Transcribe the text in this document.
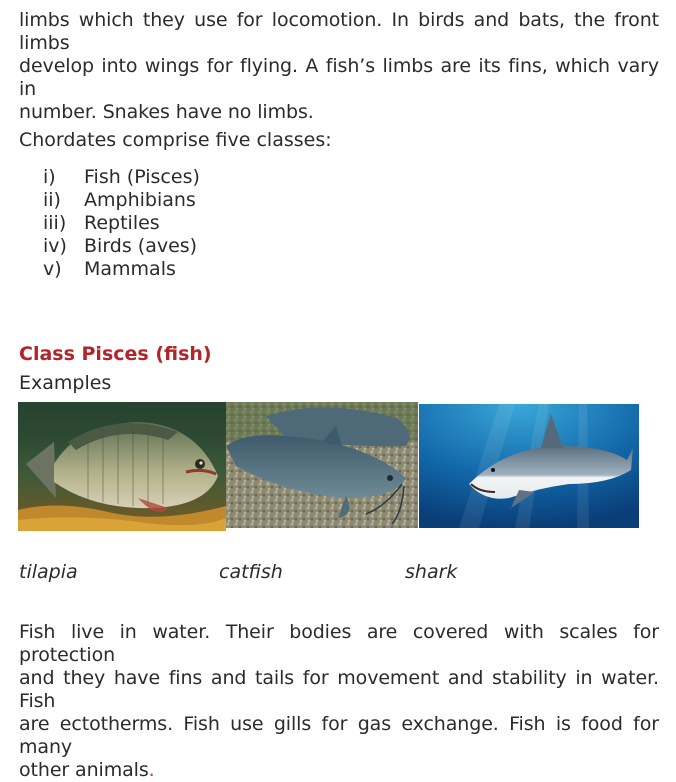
limbs which they use for locomotion. In birds and bats, the front limbs
develop into wings for flying. A fish’s limbs are its fins, which vary in
number. Snakes have no limbs.

Chordates comprise five classes:

i)	Fish (Pisces)
ii)	Amphibians
iii) Reptiles
iv) Birds (aves)
v)	Mammals
Class Pisces (fish)

Examples

tilapia	catfish	shark

Fish live in water. Their bodies are covered with scales for protection
and they have fins and tails for movement and stability in water. Fish
are ectotherms. Fish use gills for gas exchange. Fish is food for many
other animals.
